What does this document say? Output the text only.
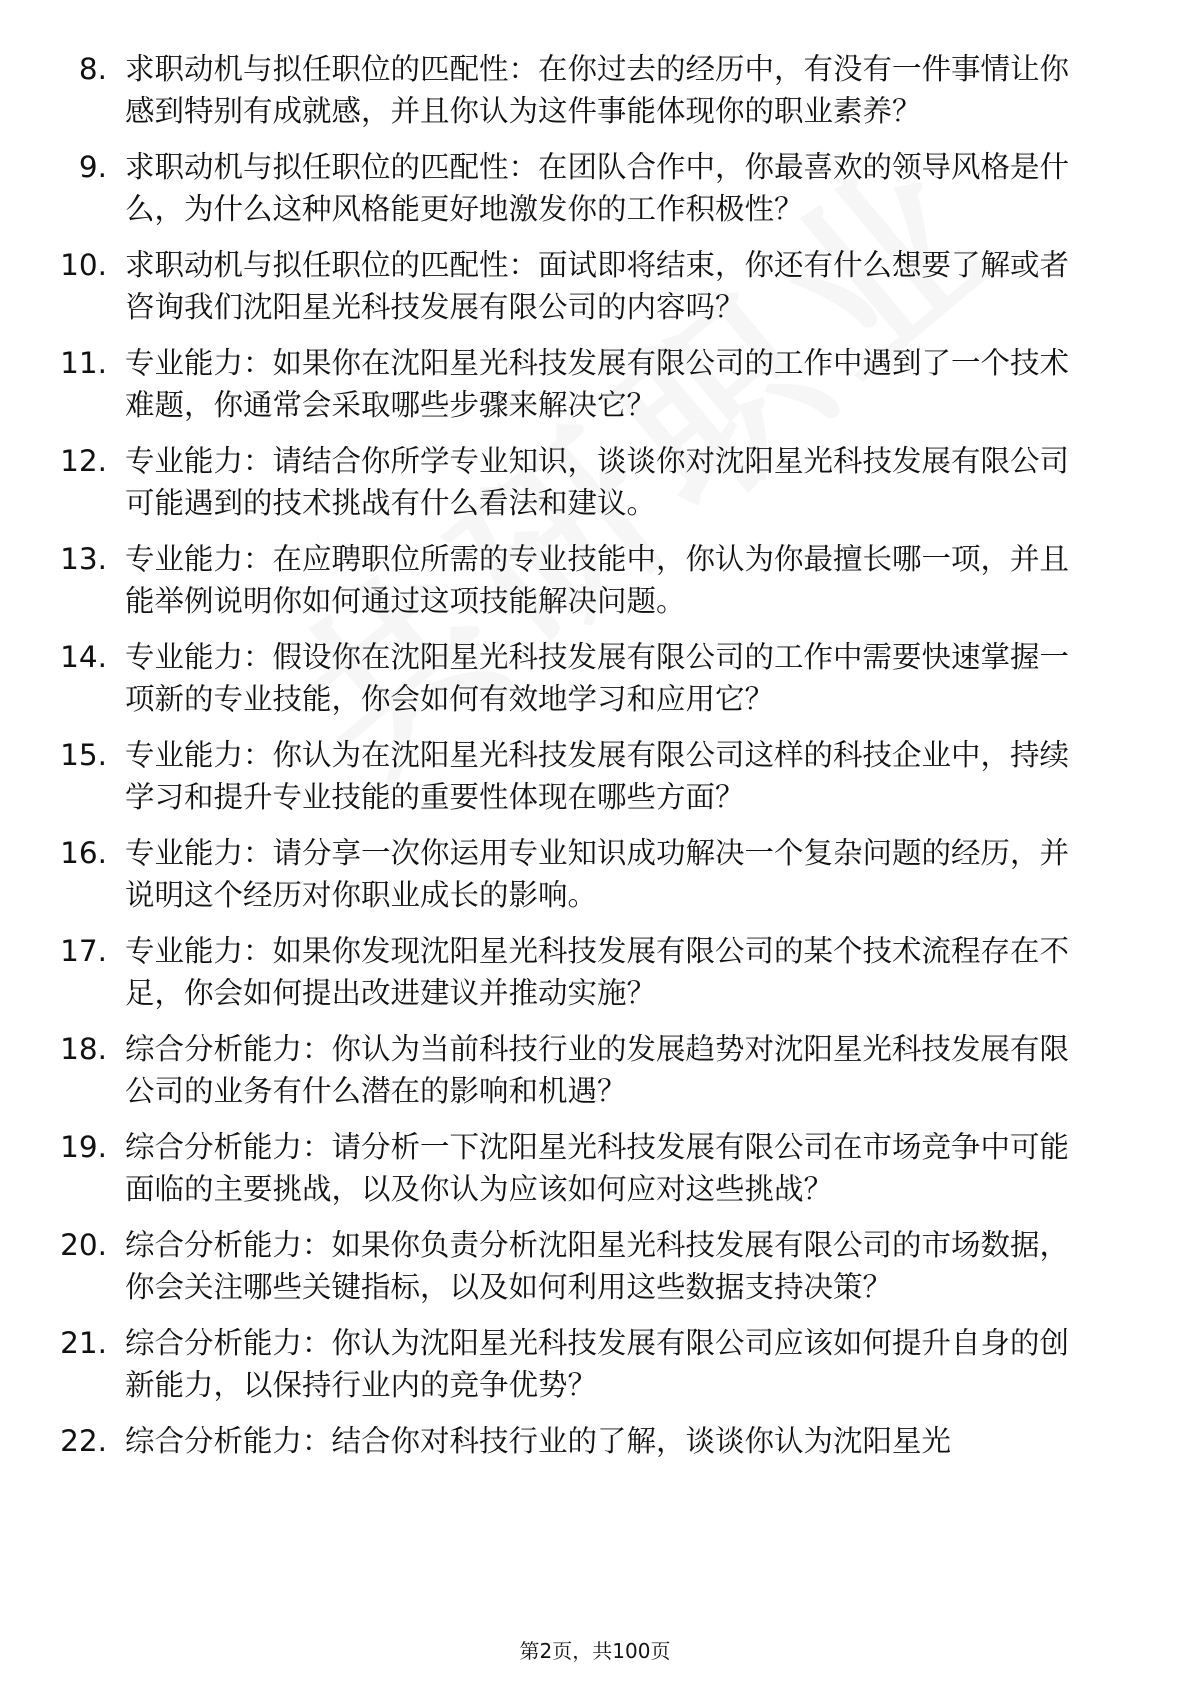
8. 求职动机与拟任职位的匹配性：在你过去的经历中，有没有一件事情让你感到特别有成就感，并且你认为这件事能体现你的职业素养？
9. 求职动机与拟任职位的匹配性：在团队合作中，你最喜欢的领导风格是什么，为什么这种风格能更好地激发你的工作积极性？
10. 求职动机与拟任职位的匹配性：面试即将结束，你还有什么想要了解或者咨询我们沈阳星光科技发展有限公司的内容吗？
11. 专业能力：如果你在沈阳星光科技发展有限公司的工作中遇到了一个技术难题，你通常会采取哪些步骤来解决它？
12. 专业能力：请结合你所学专业知识，谈谈你对沈阳星光科技发展有限公司可能遇到的技术挑战有什么看法和建议。
13. 专业能力：在应聘职位所需的专业技能中，你认为你最擅长哪一项，并且能举例说明你如何通过这项技能解决问题。
14. 专业能力：假设你在沈阳星光科技发展有限公司的工作中需要快速掌握一项新的专业技能，你会如何有效地学习和应用它？
15. 专业能力：你认为在沈阳星光科技发展有限公司这样的科技企业中，持续学习和提升专业技能的重要性体现在哪些方面？
16. 专业能力：请分享一次你运用专业知识成功解决一个复杂问题的经历，并说明这个经历对你职业成长的影响。
17. 专业能力：如果你发现沈阳星光科技发展有限公司的某个技术流程存在不足，你会如何提出改进建议并推动实施？
18. 综合分析能力：你认为当前科技行业的发展趋势对沈阳星光科技发展有限公司的业务有什么潜在的影响和机遇？
19. 综合分析能力：请分析一下沈阳星光科技发展有限公司在市场竞争中可能面临的主要挑战，以及你认为应该如何应对这些挑战？
20. 综合分析能力：如果你负责分析沈阳星光科技发展有限公司的市场数据，你会关注哪些关键指标，以及如何利用这些数据支持决策？
21. 综合分析能力：你认为沈阳星光科技发展有限公司应该如何提升自身的创新能力，以保持行业内的竞争优势？
22. 综合分析能力：结合你对科技行业的了解，谈谈你认为沈阳星光
第2页，共100页
